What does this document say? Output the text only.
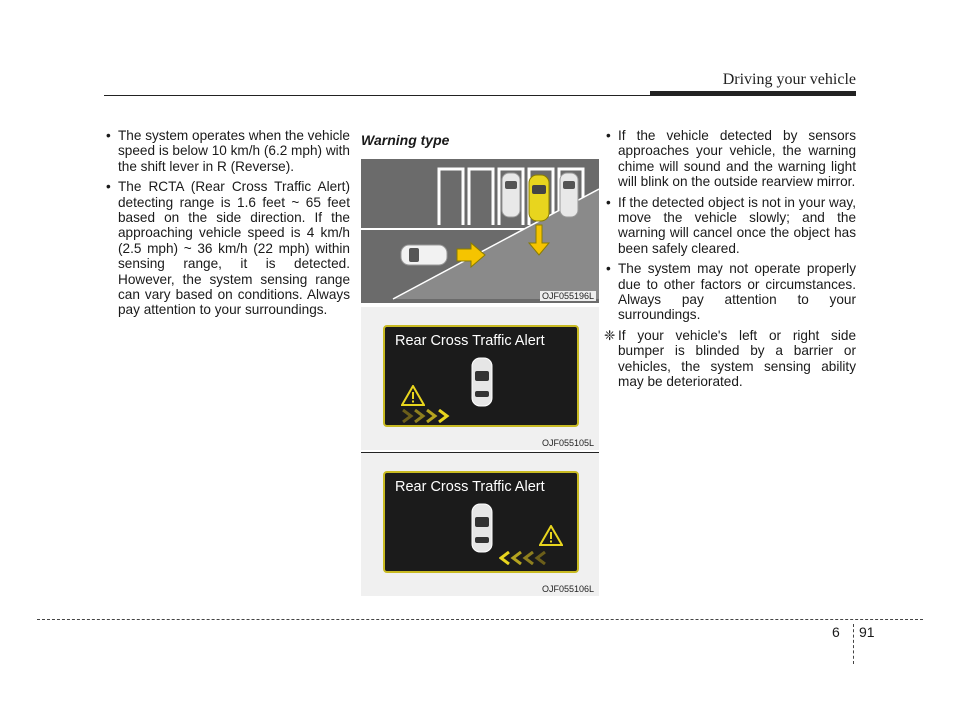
Driving your vehicle

• The system operates when the vehicle speed is below 10 km/h (6.2 mph) with the shift lever in R (Reverse).

• The RCTA (Rear Cross Traffic Alert) detecting range is 1.6 feet ~ 65 feet based on the side direction. If the approaching vehicle speed is 4 km/h (2.5 mph) ~ 36 km/h (22 mph) within sensing range, it is detected. However, the system sensing range can vary based on conditions. Always pay attention to your surroundings.

Warning type
OJF055196L
Rear Cross Traffic Alert
OJF055105L
Rear Cross Traffic Alert
OJF055106L

• If the vehicle detected by sensors approaches your vehicle, the warning chime will sound and the warning light will blink on the outside rearview mirror.

• If the detected object is not in your way, move the vehicle slowly; and the warning will cancel once the object has been safely cleared.

• The system may not operate properly due to other factors or circumstances. Always pay attention to your surroundings.

❈ If your vehicle's left or right side bumper is blinded by a barrier or vehicles, the system sensing ability may be deteriorated.
6 91
